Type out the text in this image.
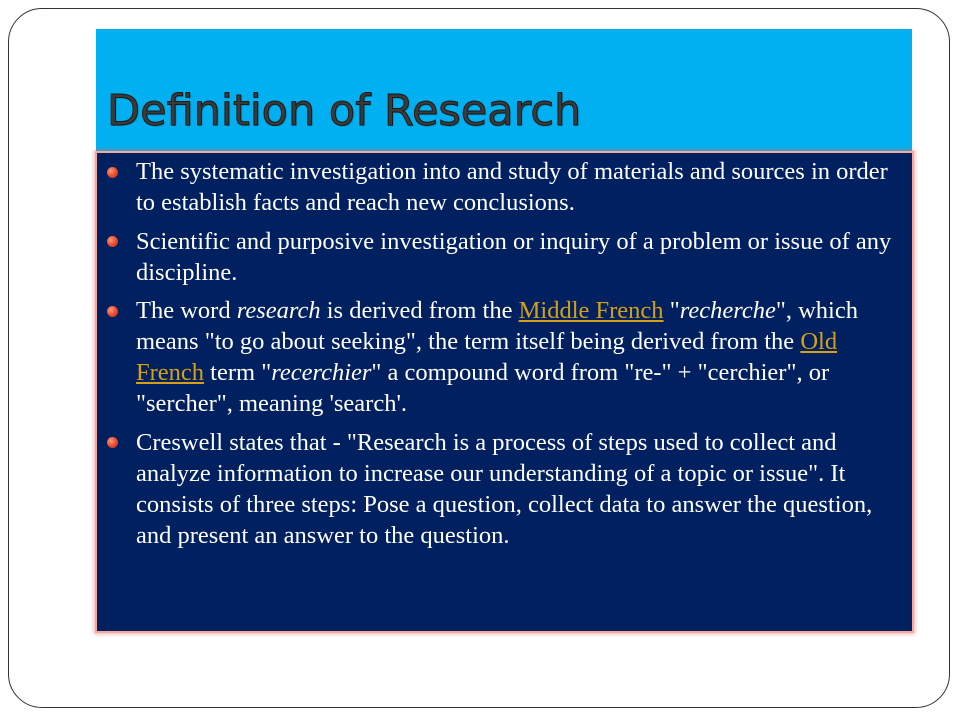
Definition of Research
The systematic investigation into and study of materials and sources in order to establish facts and reach new conclusions.
Scientific and purposive investigation or inquiry of a problem or issue of any discipline.
The word research is derived from the Middle French "recherche", which means "to go about seeking", the term itself being derived from the Old French term "recerchier" a compound word from "re-" + "cerchier", or "sercher", meaning 'search'.
Creswell states that - "Research is a process of steps used to collect and analyze information to increase our understanding of a topic or issue". It consists of three steps: Pose a question, collect data to answer the question, and present an answer to the question.
